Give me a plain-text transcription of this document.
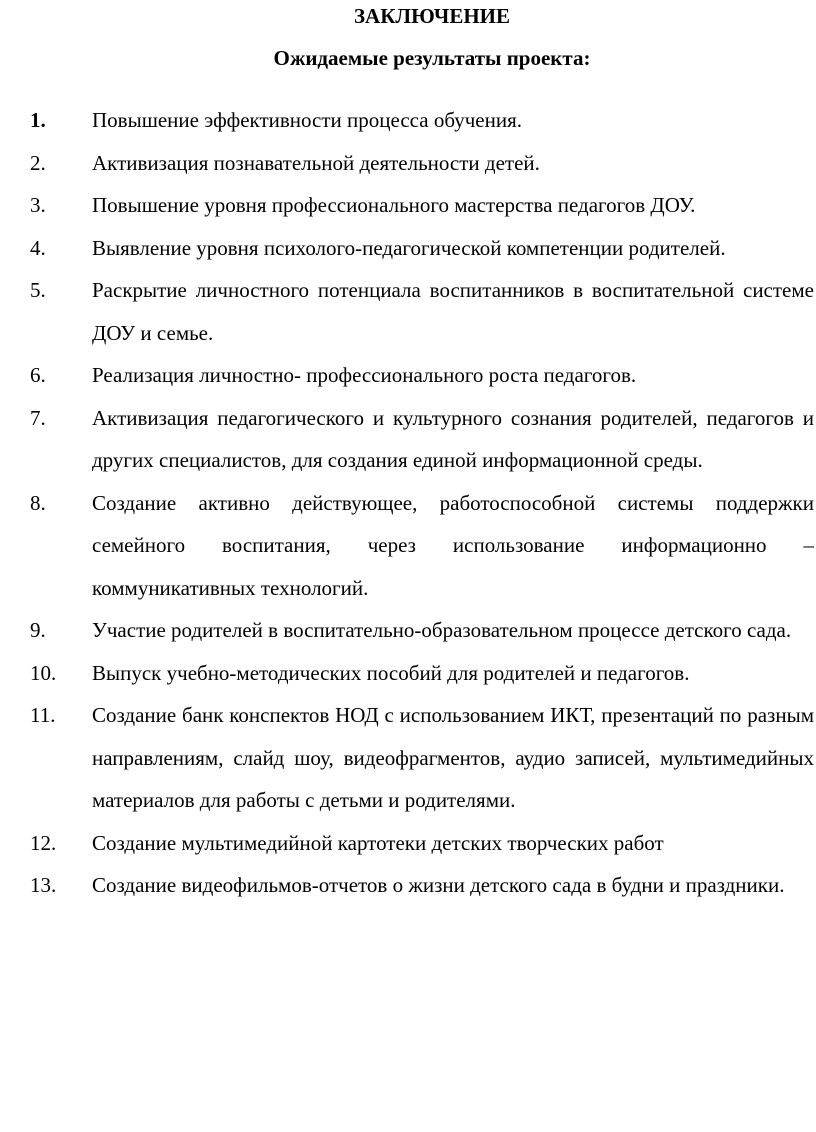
ЗАКЛЮЧЕНИЕ
Ожидаемые результаты проекта:
1. Повышение эффективности процесса обучения.
2. Активизация познавательной деятельности детей.
3. Повышение уровня профессионального мастерства педагогов ДОУ.
4. Выявление уровня психолого-педагогической компетенции родителей.
5. Раскрытие личностного потенциала воспитанников в воспитательной системе ДОУ и семье.
6. Реализация личностно- профессионального роста педагогов.
7. Активизация педагогического и культурного сознания родителей, педагогов и других специалистов, для создания единой информационной среды.
8. Создание активно действующее, работоспособной системы поддержки семейного воспитания, через использование информационно – коммуникативных технологий.
9. Участие родителей в воспитательно-образовательном процессе детского сада.
10. Выпуск учебно-методических пособий для родителей и педагогов.
11. Создание банк конспектов НОД с использованием ИКТ, презентаций по разным направлениям, слайд шоу, видеофрагментов, аудио записей, мультимедийных материалов для работы с детьми и родителями.
12. Создание мультимедийной картотеки детских творческих работ
13. Создание видеофильмов-отчетов о жизни детского сада в будни и праздники.
